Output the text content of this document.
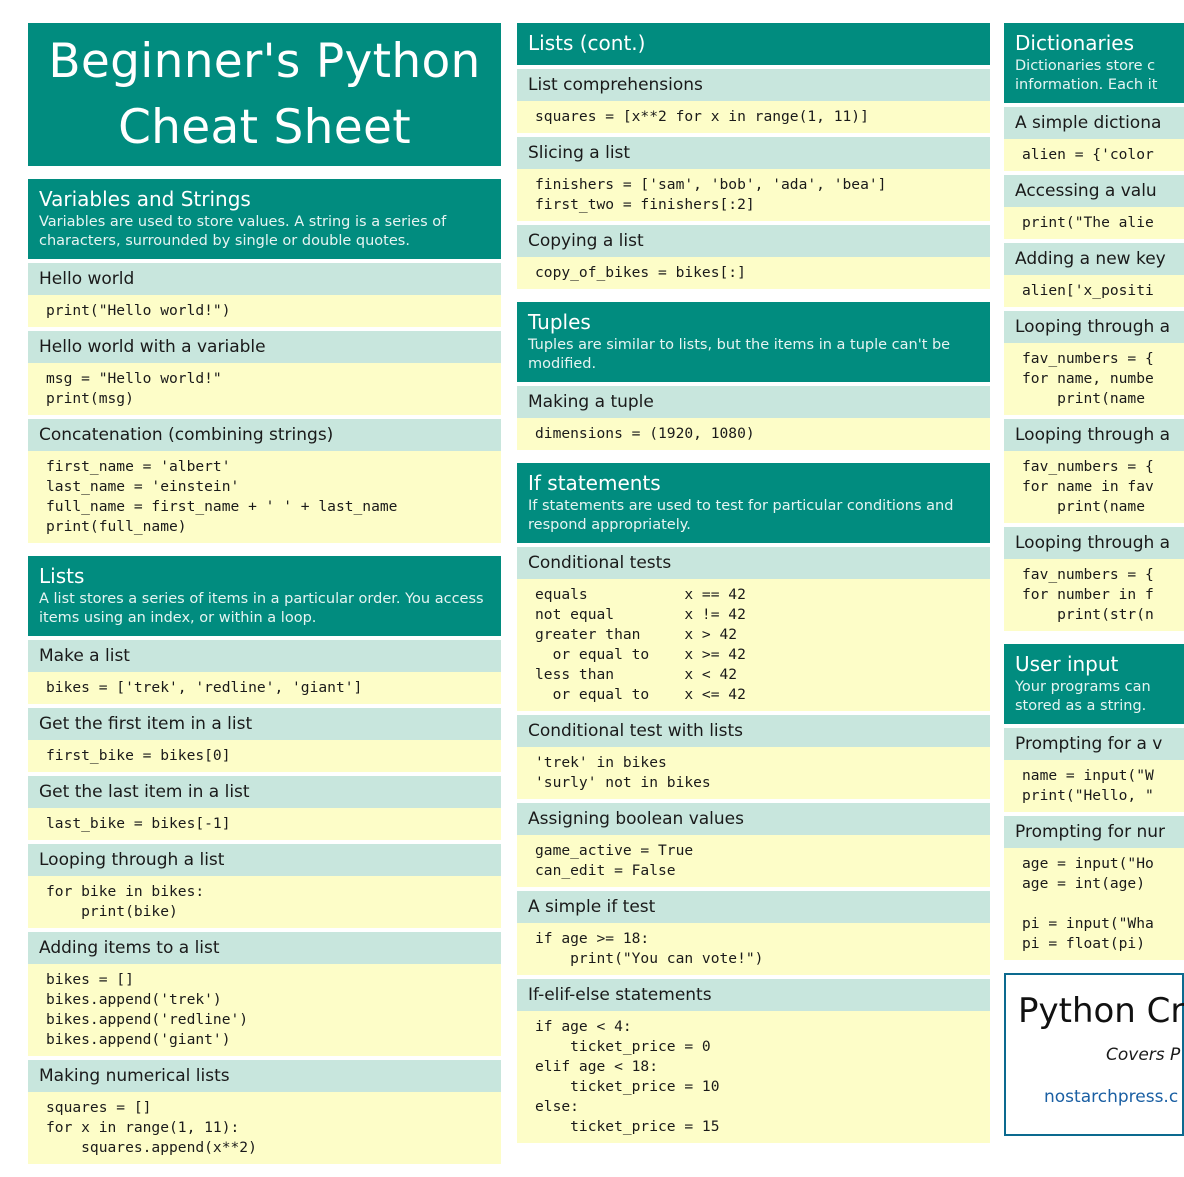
Beginner's Python
Cheat Sheet
Variables and Strings
Variables are used to store values. A string is a series of characters, surrounded by single or double quotes.
Hello world
print("Hello world!")
Hello world with a variable
msg = "Hello world!"
print(msg)
Concatenation (combining strings)
first_name = 'albert'
last_name = 'einstein'
full_name = first_name + ' ' + last_name
print(full_name)
Lists
A list stores a series of items in a particular order. You access items using an index, or within a loop.
Make a list
bikes = ['trek', 'redline', 'giant']
Get the first item in a list
first_bike = bikes[0]
Get the last item in a list
last_bike = bikes[-1]
Looping through a list
for bike in bikes:
print(bike)
Adding items to a list
bikes = []
bikes.append('trek')
bikes.append('redline')
bikes.append('giant')
Making numerical lists
squares = []
for x in range(1, 11):
squares.append(x**2)
Lists (cont.)
List comprehensions
squares = [x**2 for x in range(1, 11)]
Slicing a list
finishers = ['sam', 'bob', 'ada', 'bea']
first_two = finishers[:2]
Copying a list
copy_of_bikes = bikes[:]
Tuples
Tuples are similar to lists, but the items in a tuple can't be modified.
Making a tuple
dimensions = (1920, 1080)
If statements
If statements are used to test for particular conditions and respond appropriately.
Conditional tests
equals           x == 42
not equal        x != 42
greater than     x > 42
or equal to    x >= 42
less than        x < 42
or equal to    x <= 42
Conditional test with lists
'trek' in bikes
'surly' not in bikes
Assigning boolean values
game_active = True
can_edit = False
A simple if test
if age >= 18:
print("You can vote!")
If-elif-else statements
if age < 4:
ticket_price = 0
elif age < 18:
ticket_price = 10
else:
ticket_price = 15
Dictionaries
Dictionaries store c information. Each it
A simple dictiona
alien = {'color
Accessing a valu
print("The alie
Adding a new key
alien['x_positi
Looping through a
fav_numbers = {
for name, numbe
print(name
Looping through a
fav_numbers = {
for name in fav
print(name
Looping through a
fav_numbers = {
for number in f
print(str(n
User input
Your programs can stored as a string.
Prompting for a v
name = input("W
print("Hello, "
Prompting for nur
age = input("Ho
age = int(age)

pi = input("Wha
pi = float(pi)
Python Cr
Covers P
nostarchpress.c
